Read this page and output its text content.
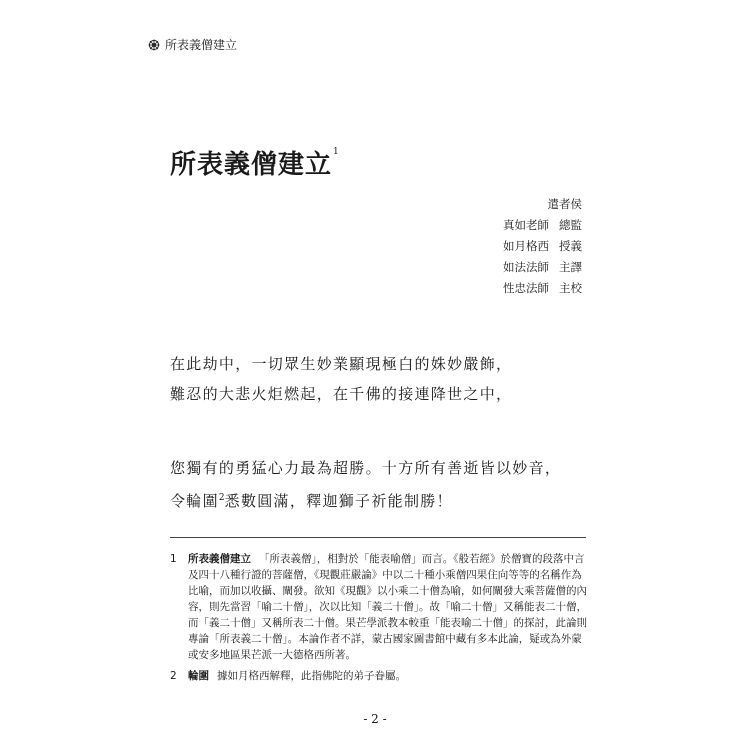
所表義僧建立
所表義僧建立$^1$
遣者侯
真如老師 總監
如月格西 授義
如法法師 主譯
性忠法師 主校
在此劫中，一切眾生妙業顯現極白的姝妙嚴飾，
難忍的大悲火炬燃起，在千佛的接連降世之中，
您獨有的勇猛心力最為超勝。十方所有善逝皆以妙音，
令輪圍$^2$悉數圓滿，釋迦獅子祈能制勝！
1	所表義僧建立 「所表義僧」，相對於「能表喻僧」而言。《般若經》於僧寶的段落中言及四十八種行證的菩薩僧，《現觀莊嚴論》中以二十種小乘僧四果住向等等的名稱作為比喻，而加以收攝、闡發。欲知《現觀》以小乘二十僧為喻，如何闡發大乘菩薩僧的內容，則先當習「喻二十僧」，次以比知「義二十僧」。故「喻二十僧」又稱能表二十僧，而「義二十僧」又稱所表二十僧。果芒學派教本較重「能表喻二十僧」的探討，此論則專論「所表義二十僧」。本論作者不詳，蒙古國家圖書館中藏有多本此論，疑或為外蒙或安多地區果芒派一大德格西所著。
2	輪圍 據如月格西解釋，此指佛陀的弟子眷屬。
- 2 -
